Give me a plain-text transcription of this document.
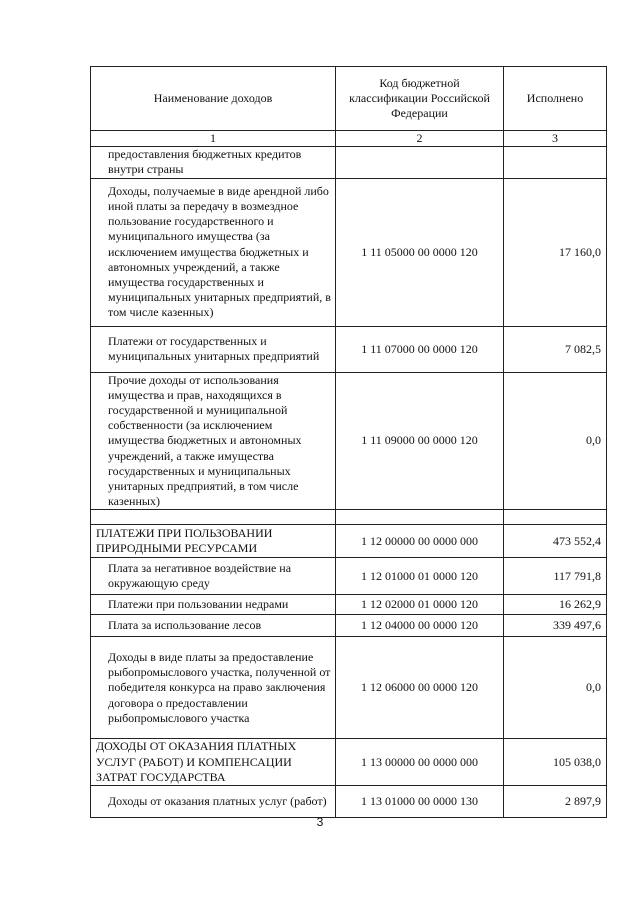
Наименование доходов	Код бюджетной классификации Российской Федерации	Исполнено
1	2	3
предоставления бюджетных кредитов внутри страны		
Доходы, получаемые в виде арендной либо иной платы за передачу в возмездное пользование государственного и муниципального имущества (за исключением имущества бюджетных и автономных учреждений, а также имущества государственных и муниципальных унитарных предприятий, в том числе казенных)	1 11 05000 00 0000 120	17 160,0
Платежи от государственных и муниципальных унитарных предприятий	1 11 07000 00 0000 120	7 082,5
Прочие доходы от использования имущества и прав, находящихся в государственной и муниципальной собственности (за исключением имущества бюджетных и автономных учреждений, а также имущества государственных и муниципальных унитарных предприятий, в том числе казенных)	1 11 09000 00 0000 120	0,0

ПЛАТЕЖИ ПРИ ПОЛЬЗОВАНИИ ПРИРОДНЫМИ РЕСУРСАМИ	1 12 00000 00 0000 000	473 552,4
Плата за негативное воздействие на окружающую среду	1 12 01000 01 0000 120	117 791,8
Платежи при пользовании недрами	1 12 02000 01 0000 120	16 262,9
Плата за использование лесов	1 12 04000 00 0000 120	339 497,6
Доходы в виде платы за предоставление рыбопромыслового участка, полученной от победителя конкурса на право заключения договора о предоставлении рыбопромыслового участка	1 12 06000 00 0000 120	0,0
ДОХОДЫ ОТ ОКАЗАНИЯ ПЛАТНЫХ УСЛУГ (РАБОТ) И КОМПЕНСАЦИИ ЗАТРАТ ГОСУДАРСТВА	1 13 00000 00 0000 000	105 038,0
Доходы от оказания платных услуг (работ)	1 13 01000 00 0000 130	2 897,9
3
